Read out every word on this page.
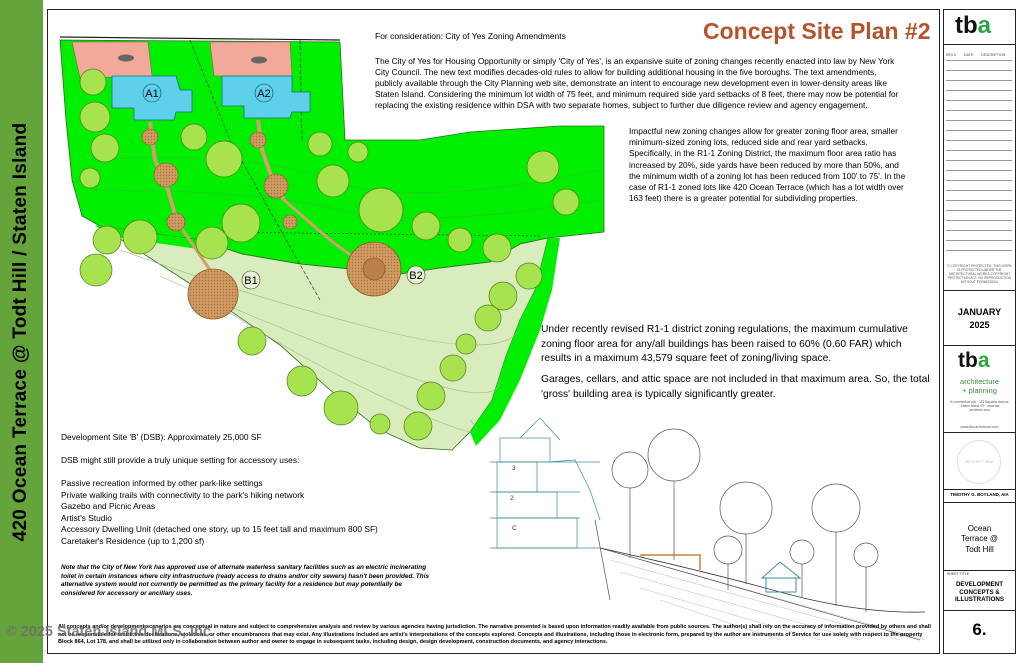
420 Ocean Terrace @ Todt Hill / Staten Island
A1	A2
B1	B2
3
2
C
Concept Site Plan #2
For consideration: City of Yes Zoning Amendments
The City of Yes for Housing Opportunity or simply 'City of Yes', is an expansive suite of zoning changes recently enacted into law by New York City Council. The new text modifies decades-old rules to allow for building additional housing in the five boroughs. The text amendments, publicly available through the City Planning web site, demonstrate an intent to encourage new development even in lower-density areas like Staten Island. Considering the minimum lot width of 75 feet, and minimum required side yard setbacks of 8 feet, there may now be potential for replacing the existing residence within DSA with two separate homes, subject to further due diligence review and agency engagement.
Impactful new zoning changes allow for greater zoning floor area, smaller minimum-sized zoning lots, reduced side and rear yard setbacks. Specifically, in the R1-1 Zoning District, the maximum floor area ratio has increased by 20%, side yards have been reduced by more than 50%, and the minimum width of a zoning lot has been reduced from 100' to 75'. In the case of R1-1 zoned lots like 420 Ocean Terrace (which has a lot width over 163 feet) there is a greater potential for subdividing properties.
Under recently revised R1-1 district zoning regulations, the maximum cumulative zoning floor area for any/all buildings has been raised to 60% (0.60 FAR) which results in a maximum 43,579 square feet of zoning/living space.
Garages, cellars, and attic space are not included in that maximum area. So, the total 'gross' building area is typically significantly greater.

Development Site 'B' (DSB): Approximately 25,000 SF

DSB might still provide a truly unique setting for accessory uses:

Passive recreation informed by other park-like settings
Private walking trails with connectivity to the park's hiking network
Gazebo and Picnic Areas
Artist's Studio
Accessory Dwelling Unit (detached one story, up to 15 feet tall and maximum 800 SF)
Caretaker's Residence (up to 1,200 sf)
Note that the City of New York has approved use of alternate waterless sanitary facilities such as an electric incinerating toilet in certain instances where city infrastructure (ready access to drains and/or city sewers) hasn't been provided. This alternative system would not currently be permitted as the primary facility for a residence but may potentially be considered for accessory or ancillary uses.
All concepts and/or development scenarios are conceptual in nature and subject to comprehensive analysis and review by various agencies having jurisdiction. The narrative presented is based upon information readily available from public sources. The author(s) shall rely on the accuracy of information provided by others and shall not be responsible for restrictive declarations, violations, or other encumbrances that may exist. Any illustrations included are artist's interpretations of the concepts explored. Concepts and illustrations, including those in electronic form, prepared by the author are instruments of Service for use solely with respect to the property Block 864, Lot 178, and shall be utilized only in collaboration between author and owner to engage in subsequent tasks, including design, design development, construction documents, and agency interactions.
© 2025 Staten Island MLS, Inc.
tba
REV # DATE DESCRIPTION
© COPYRIGHT PROTECTED. THIS WORK IS PROTECTED UNDER THE ARCHITECTURAL WORKS COPYRIGHT PROTECTION ACT. NO REPRODUCTION WITHOUT PERMISSION.
JANUARY 2025
tba
architecture
+ planning
tb architecture pllc · 152 Bayview Avenue · Staten Island NY · www.tba-architects.com
www.tba-architects.com
ARCHITECT SEAL
TIMOTHY G. BOYLAND, AIA
Ocean Terrace @ Todt Hill
SHEET TITLE
DEVELOPMENT CONCEPTS & ILLUSTRATIONS
6.
